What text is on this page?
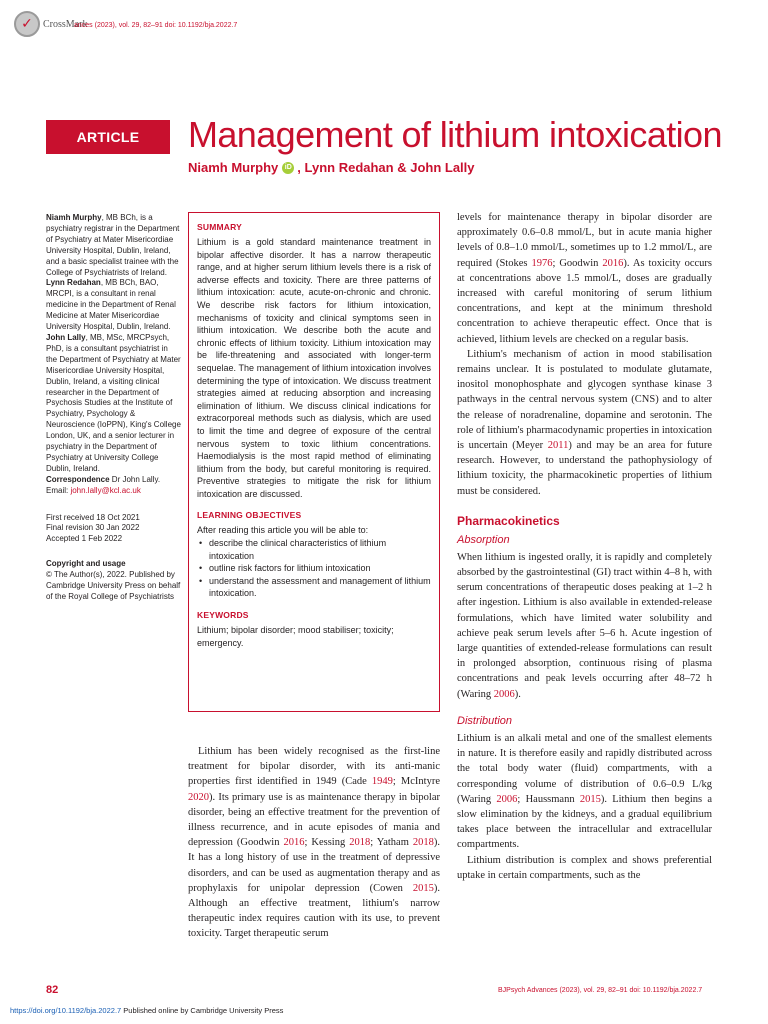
✓	CrossMark
ances (2023), vol. 29, 82–91 doi: 10.1192/bja.2022.7
ARTICLE	Management of lithium intoxication
Niamh Murphy iD , Lynn Redahan & John Lally

Niamh Murphy, MB BCh, is a psychiatry registrar in the Department of Psychiatry at Mater Misericordiae University Hospital, Dublin, Ireland, and a basic specialist trainee with the College of Psychiatrists of Ireland.

Lynn Redahan, MB BCh, BAO, MRCPI, is a consultant in renal medicine in the Department of Renal Medicine at Mater Misericordiae University Hospital, Dublin, Ireland.

John Lally, MB, MSc, MRCPsych, PhD, is a consultant psychiatrist in the Department of Psychiatry at Mater Misericordiae University Hospital, Dublin, Ireland, a visiting clinical researcher in the Department of Psychosis Studies at the Institute of Psychiatry, Psychology & Neuroscience (IoPPN), King's College London, UK, and a senior lecturer in psychiatry in the Department of Psychiatry at University College Dublin, Ireland.

Correspondence Dr John Lally.

Email: john.lally@kcl.ac.uk

First received 18 Oct 2021

Final revision 30 Jan 2022

Accepted 1 Feb 2022

Copyright and usage

© The Author(s), 2022. Published by Cambridge University Press on behalf of the Royal College of Psychiatrists

SUMMARY

Lithium is a gold standard maintenance treatment in bipolar affective disorder. It has a narrow therapeutic range, and at higher serum lithium levels there is a risk of adverse effects and toxicity. There are three patterns of lithium intoxication: acute, acute-on-chronic and chronic. We describe risk factors for lithium intoxication, mechanisms of toxicity and clinical symptoms seen in lithium intoxication. We describe both the acute and chronic effects of lithium toxicity. Lithium intoxication may be life-threatening and associated with longer-term sequelae. The management of lithium intoxication involves determining the type of intoxication. We discuss treatment strategies aimed at reducing absorption and increasing elimination of lithium. We discuss clinical indications for extracorporeal methods such as dialysis, which are used to limit the time and degree of exposure of the central nervous system to toxic lithium concentrations. Haemodialysis is the most rapid method of eliminating lithium from the body, but careful monitoring is required. Preventive strategies to mitigate the risk for lithium intoxication are discussed.

LEARNING OBJECTIVES

After reading this article you will be able to:

• describe the clinical characteristics of lithium intoxication
• outline risk factors for lithium intoxication
• understand the assessment and management of lithium intoxication.
KEYWORDS

Lithium; bipolar disorder; mood stabiliser; toxicity; emergency.

Lithium has been widely recognised as the first-line treatment for bipolar disorder, with its anti-manic properties first identified in 1949 (Cade 1949; McIntyre 2020). Its primary use is as maintenance therapy in bipolar disorder, being an effective treatment for the prevention of illness recurrence, and in acute episodes of mania and depression (Goodwin 2016; Kessing 2018; Yatham 2018). It has a long history of use in the treatment of depressive disorders, and can be used as augmentation therapy and as prophylaxis for unipolar depression (Cowen 2015). Although an effective treatment, lithium's narrow therapeutic index requires caution with its use, to prevent toxicity. Target therapeutic serum

levels for maintenance therapy in bipolar disorder are approximately 0.6–0.8 mmol/L, but in acute mania higher levels of 0.8–1.0 mmol/L, sometimes up to 1.2 mmol/L, are required (Stokes 1976; Goodwin 2016). As toxicity occurs at concentrations above 1.5 mmol/L, doses are gradually increased with careful monitoring of serum lithium concentrations, and kept at the minimum threshold concentration to achieve therapeutic effect. Once that is achieved, lithium levels are checked on a regular basis.

Lithium's mechanism of action in mood stabilisation remains unclear. It is postulated to modulate glutamate, inositol monophosphate and glycogen synthase kinase 3 pathways in the central nervous system (CNS) and to alter the release of noradrenaline, dopamine and serotonin. The role of lithium's pharmacodynamic properties in intoxication is uncertain (Meyer 2011) and may be an area for future research. However, to understand the pathophysiology of lithium toxicity, the pharmacokinetic properties of lithium must be considered.

Pharmacokinetics
Absorption

When lithium is ingested orally, it is rapidly and completely absorbed by the gastrointestinal (GI) tract within 4–8 h, with serum concentrations of therapeutic doses peaking at 1–2 h after ingestion. Lithium is also available in extended-release formulations, which have limited water solubility and achieve peak serum levels after 5–6 h. Acute ingestion of large quantities of extended-release formulations can result in prolonged absorption, continuous rising of plasma concentrations and peak levels occurring after 48–72 h (Waring 2006).

Distribution

Lithium is an alkali metal and one of the smallest elements in nature. It is therefore easily and rapidly distributed across the total body water (fluid) compartments, with a corresponding volume of distribution of 0.6–0.9 L/kg (Waring 2006; Haussmann 2015). Lithium then begins a slow elimination by the kidneys, and a gradual equilibrium takes place between the intracellular and extracellular compartments.

Lithium distribution is complex and shows preferential uptake in certain compartments, such as the

82	BJPsych Advances (2023), vol. 29, 82–91 doi: 10.1192/bja.2022.7
https://doi.org/10.1192/bja.2022.7 Published online by Cambridge University Press
